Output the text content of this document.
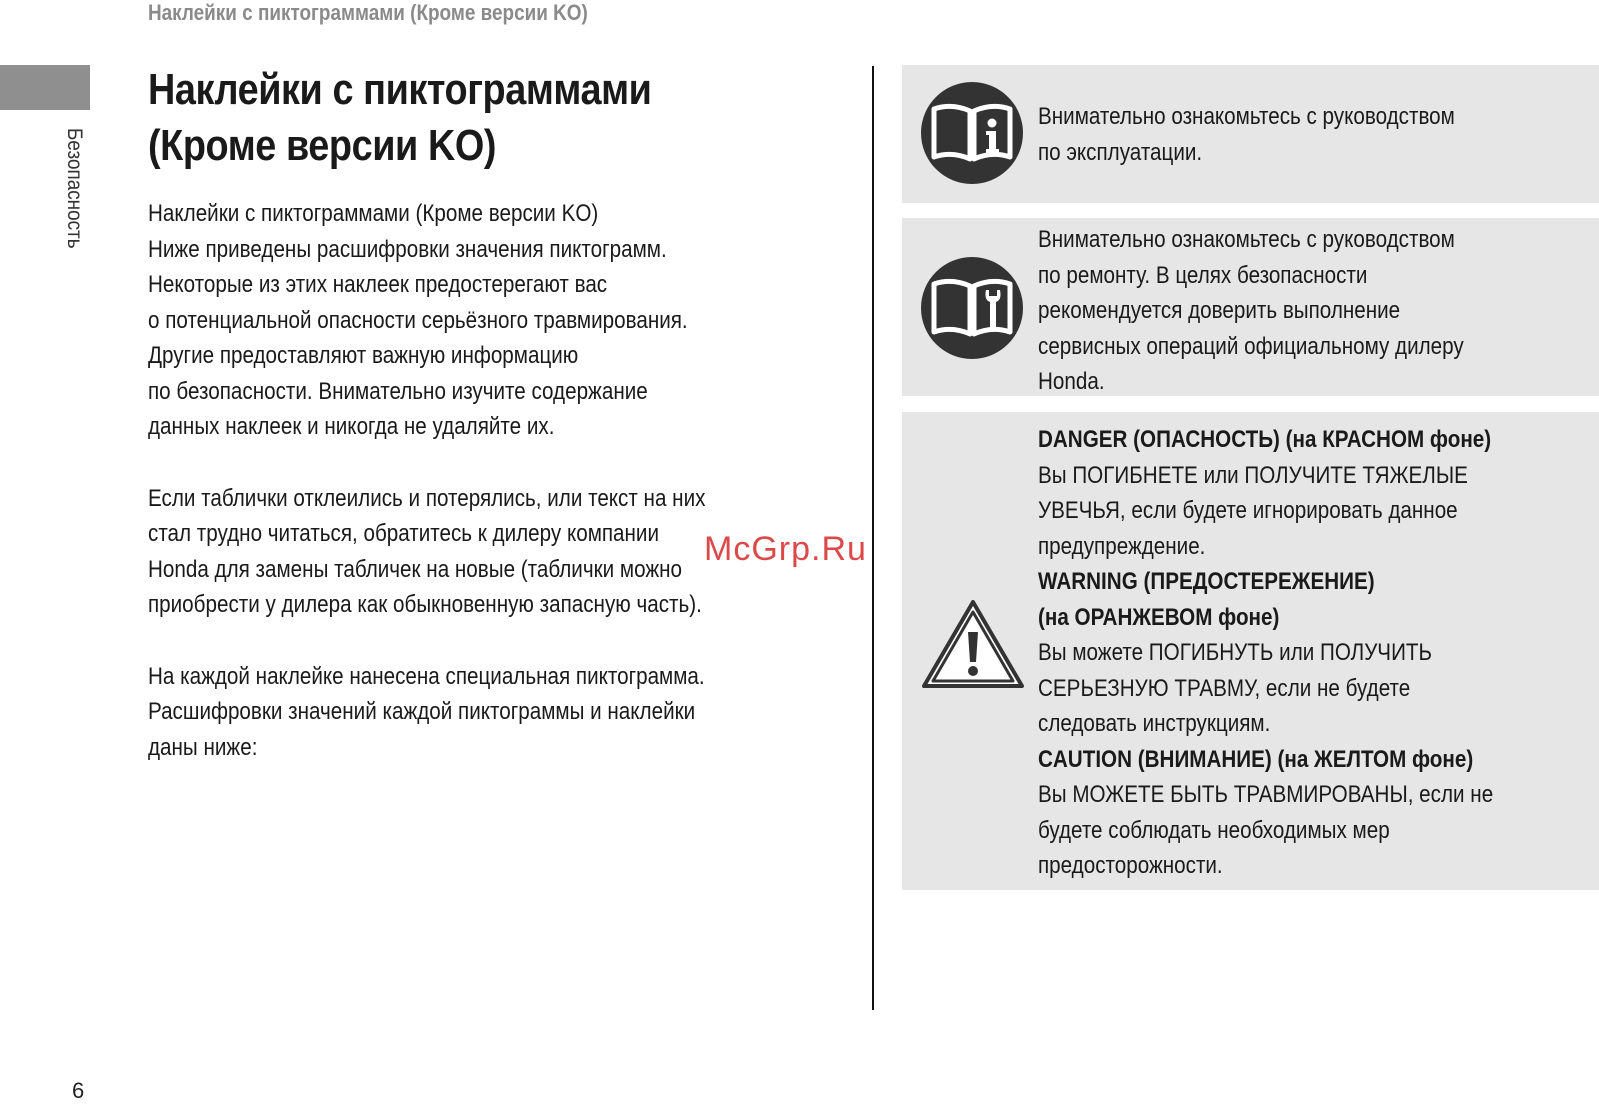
Наклейки с пиктограммами (Кроме версии KO)
Безопасность
Наклейки с пиктограммами
(Кроме версии KO)
Наклейки с пиктограммами (Кроме версии KO)
Ниже приведены расшифровки значения пиктограмм.
Некоторые из этих наклеек предостерегают вас
о потенциальной опасности серьёзного травмирования.
Другие предоставляют важную информацию
по безопасности. Внимательно изучите содержание
данных наклеек и никогда не удаляйте их.
Если таблички отклеились и потерялись, или текст на них
стал трудно читаться, обратитесь к дилеру компании
Honda для замены табличек на новые (таблички можно
приобрести у дилера как обыкновенную запасную часть).
На каждой наклейке нанесена специальная пиктограмма.
Расшифровки значений каждой пиктограммы и наклейки
даны ниже:
Внимательно ознакомьтесь с руководством
по эксплуатации.
Внимательно ознакомьтесь с руководством
по ремонту. В целях безопасности
рекомендуется доверить выполнение
сервисных операций официальному дилеру
Honda.
DANGER (ОПАСНОСТЬ) (на КРАСНОМ фоне)
Вы ПОГИБНЕТЕ или ПОЛУЧИТЕ ТЯЖЕЛЫЕ
УВЕЧЬЯ, если будете игнорировать данное
предупреждение.
WARNING (ПРЕДОСТЕРЕЖЕНИЕ)
(на ОРАНЖЕВОМ фоне)
Вы можете ПОГИБНУТЬ или ПОЛУЧИТЬ
СЕРЬЕЗНУЮ ТРАВМУ, если не будете
следовать инструкциям.
CAUTION (ВНИМАНИЕ) (на ЖЕЛТОМ фоне)
Вы МОЖЕТЕ БЫТЬ ТРАВМИРОВАНЫ, если не
будете соблюдать необходимых мер
предосторожности.
McGrp.Ru
6
